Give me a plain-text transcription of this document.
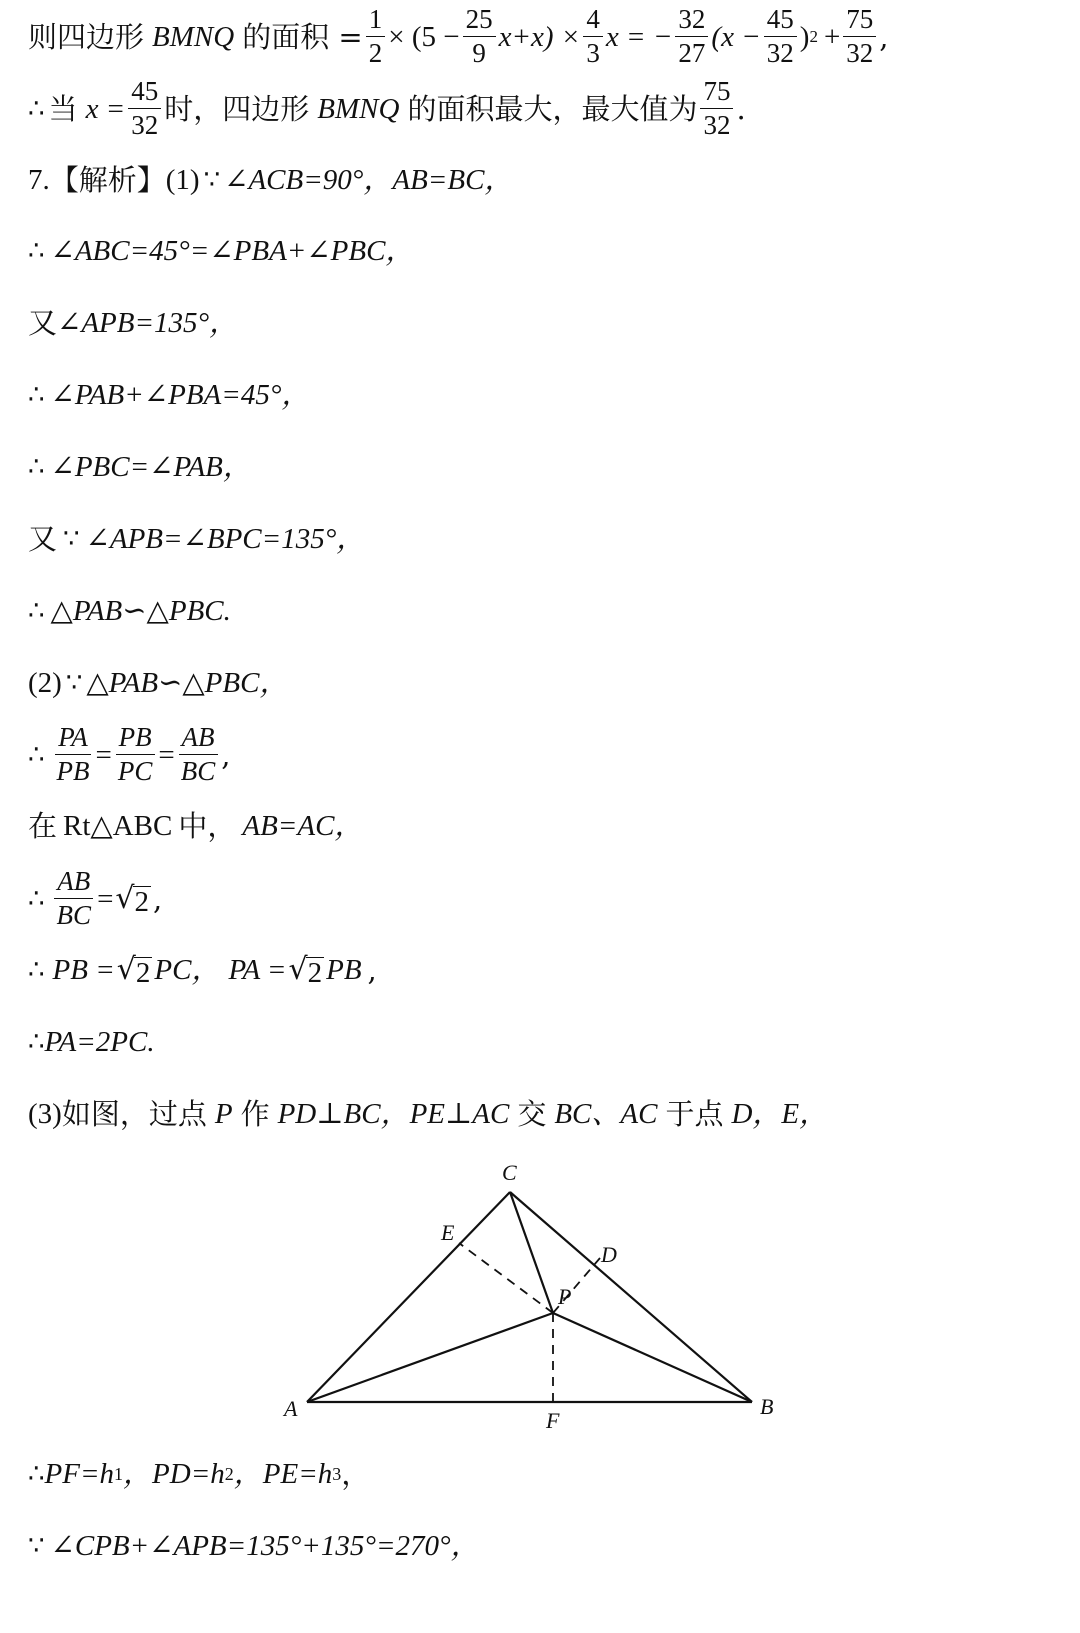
则四边形 BMNQ 的面积 = $\frac{1}{2} \times (5 - \frac{25}{9} x+x) \times \frac{4}{3}$ x = − $\frac{32}{27} (x - \frac{45}{32}$ ) $2 + \frac{75}{32}$ ,
∴ 当 $x = \frac{45}{32}$ 时，四边形 BMNQ 的面积最大，最大值为 $\frac{75}{32}$ .
7. 【解析】 (1) ∵ ∠ACB=90°，AB=BC，
∴ ∠ABC=45°=∠PBA+∠PBC，
又 ∠APB=135°，
∴ ∠PAB+∠PBA=45°，
∴ ∠PBC=∠PAB，
又 ∵ ∠APB=∠BPC=135°，
∴ △PAB∽△PBC.
(2) ∵ △PAB∽△PBC，
∴ $\frac{PA}{PB} = \frac{PB}{PC} = \frac{AB}{BC}$ ,
在 Rt△ABC 中， AB=AC，
∴ $\frac{AB}{BC}$ = √ 2 ,
∴ PB = √ 2 PC， PA = √ 2 PB ,
∴ PA=2PC.
(3) 如图，过点 P 作 PD⊥BC，PE⊥AC 交 BC、AC 于点 D，E，
C
E
D
P
A	B
F
∴ PF=h 1 ，PD=h 2 ，PE=h 3 ，
∵ ∠CPB+∠APB=135°+135°=270°，
